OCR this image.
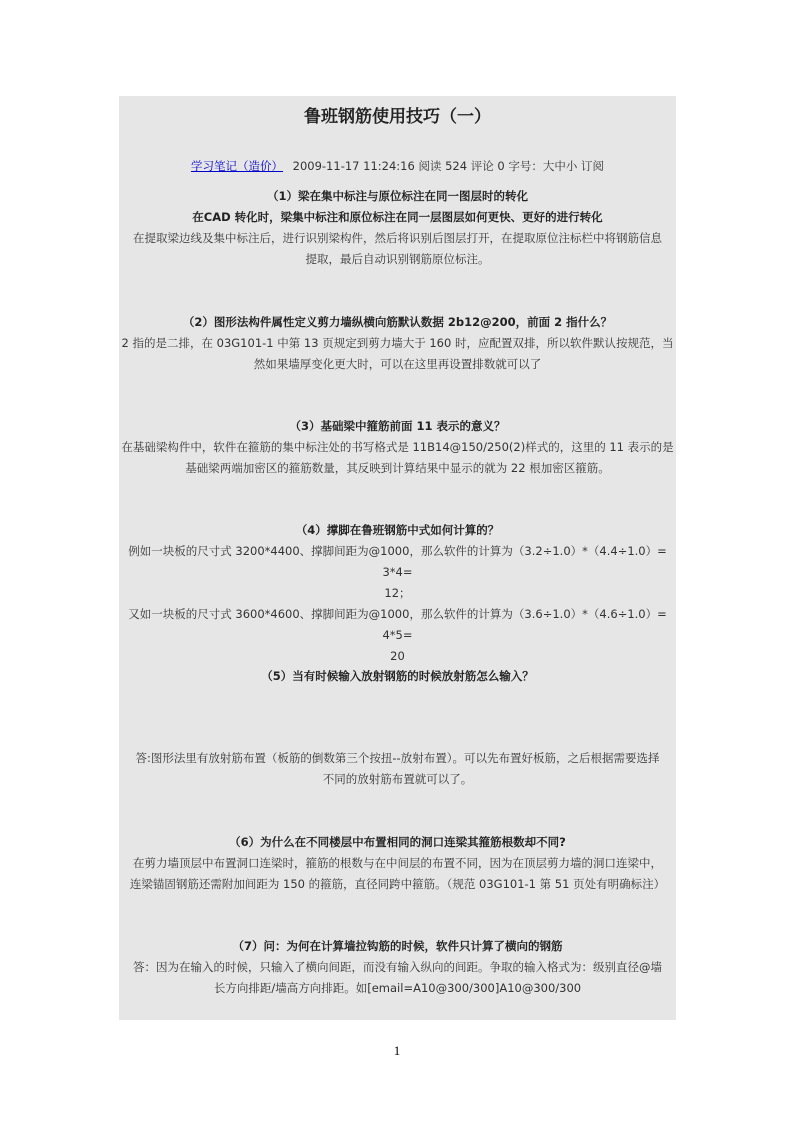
鲁班钢筋使用技巧（一）
学习笔记（造价） 2009-11-17 11:24:16 阅读 524 评论 0 字号：大中小 订阅
（1）梁在集中标注与原位标注在同一图层时的转化
在CAD 转化时，梁集中标注和原位标注在同一层图层如何更快、更好的进行转化
在提取梁边线及集中标注后，进行识别梁构件，然后将识别后图层打开，在提取原位注标栏中将钢筋信息
提取，最后自动识别钢筋原位标注。
（2）图形法构件属性定义剪力墙纵横向筋默认数据 2b12@200，前面 2 指什么？
2 指的是二排，在 03G101-1 中第 13 页规定到剪力墙大于 160 时，应配置双排，所以软件默认按规范，当
然如果墙厚变化更大时，可以在这里再设置排数就可以了
（3）基础梁中箍筋前面 11 表示的意义？
在基础梁构件中，软件在箍筋的集中标注处的书写格式是 11B14@150/250(2)样式的，这里的 11 表示的是
基础梁两端加密区的箍筋数量，其反映到计算结果中显示的就为 22 根加密区箍筋。
（4）撑脚在鲁班钢筋中式如何计算的？
例如一块板的尺寸式 3200*4400、撑脚间距为@1000，那么软件的计算为（3.2÷1.0）*（4.4÷1.0）= 3*4=
12；
又如一块板的尺寸式 3600*4600、撑脚间距为@1000，那么软件的计算为（3.6÷1.0）*（4.6÷1.0）= 4*5=
20
（5）当有时候输入放射钢筋的时候放射筋怎么输入？
答:图形法里有放射筋布置（板筋的倒数第三个按扭--放射布置）。可以先布置好板筋，之后根据需要选择
不同的放射筋布置就可以了。
（6）为什么在不同楼层中布置相同的洞口连梁其箍筋根数却不同?
在剪力墙顶层中布置洞口连梁时，箍筋的根数与在中间层的布置不同，因为在顶层剪力墙的洞口连梁中，
连梁锚固钢筋还需附加间距为 150 的箍筋，直径同跨中箍筋。（规范 03G101-1 第 51 页处有明确标注）
（7）问：为何在计算墙拉钩筋的时候，软件只计算了横向的钢筋
答：因为在输入的时候，只输入了横向间距，而没有输入纵向的间距。争取的输入格式为：级别直径@墙
长方向排距/墙高方向排距。如[email=A10@300/300]A10@300/300
1
